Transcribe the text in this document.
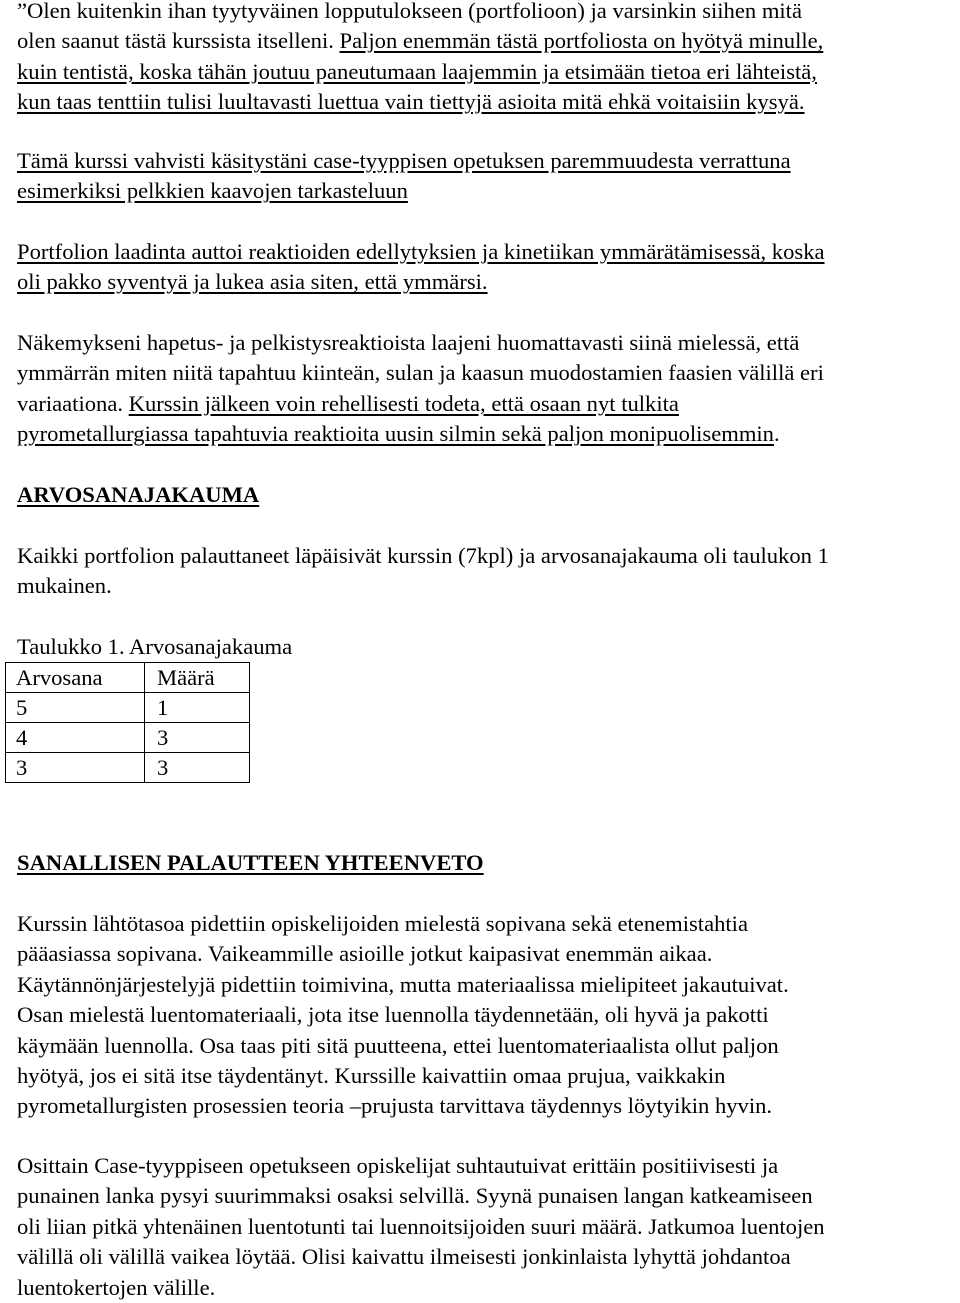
”Olen kuitenkin ihan tyytyväinen lopputulokseen (portfolioon) ja varsinkin siihen mitä

olen saanut tästä kurssista itselleni. Paljon enemmän tästä portfoliosta on hyötyä minulle,

kuin tentistä, koska tähän joutuu paneutumaan laajemmin ja etsimään tietoa eri lähteistä,

kun taas tenttiin tulisi luultavasti luettua vain tiettyjä asioita mitä ehkä voitaisiin kysyä.

Tämä kurssi vahvisti käsitystäni case-tyyppisen opetuksen paremmuudesta verrattuna

esimerkiksi pelkkien kaavojen tarkasteluun

Portfolion laadinta auttoi reaktioiden edellytyksien ja kinetiikan ymmärätämisessä, koska

oli pakko syventyä ja lukea asia siten, että ymmärsi.

Näkemykseni hapetus- ja pelkistysreaktioista laajeni huomattavasti siinä mielessä, että

ymmärrän miten niitä tapahtuu kiinteän, sulan ja kaasun muodostamien faasien välillä eri

variaationa. Kurssin jälkeen voin rehellisesti todeta, että osaan nyt tulkita

pyrometallurgiassa tapahtuvia reaktioita uusin silmin sekä paljon monipuolisemmin.

ARVOSANAJAKAUMA

Kaikki portfolion palauttaneet läpäisivät kurssin (7kpl) ja arvosanajakauma oli taulukon 1

mukainen.

Taulukko 1. Arvosanajakauma
Arvosana	Määrä
5	1
4	3
3	3
SANALLISEN PALAUTTEEN YHTEENVETO

Kurssin lähtötasoa pidettiin opiskelijoiden mielestä sopivana sekä etenemistahtia

pääasiassa sopivana. Vaikeammille asioille jotkut kaipasivat enemmän aikaa.

Käytännönjärjestelyjä pidettiin toimivina, mutta materiaalissa mielipiteet jakautuivat.

Osan mielestä luentomateriaali, jota itse luennolla täydennetään, oli hyvä ja pakotti

käymään luennolla. Osa taas piti sitä puutteena, ettei luentomateriaalista ollut paljon

hyötyä, jos ei sitä itse täydentänyt. Kurssille kaivattiin omaa prujua, vaikkakin

pyrometallurgisten prosessien teoria –prujusta tarvittava täydennys löytyikin hyvin.

Osittain Case-tyyppiseen opetukseen opiskelijat suhtautuivat erittäin positiivisesti ja

punainen lanka pysyi suurimmaksi osaksi selvillä. Syynä punaisen langan katkeamiseen

oli liian pitkä yhtenäinen luentotunti tai luennoitsijoiden suuri määrä. Jatkumoa luentojen

välillä oli välillä vaikea löytää. Olisi kaivattu ilmeisesti jonkinlaista lyhyttä johdantoa

luentokertojen välille.
